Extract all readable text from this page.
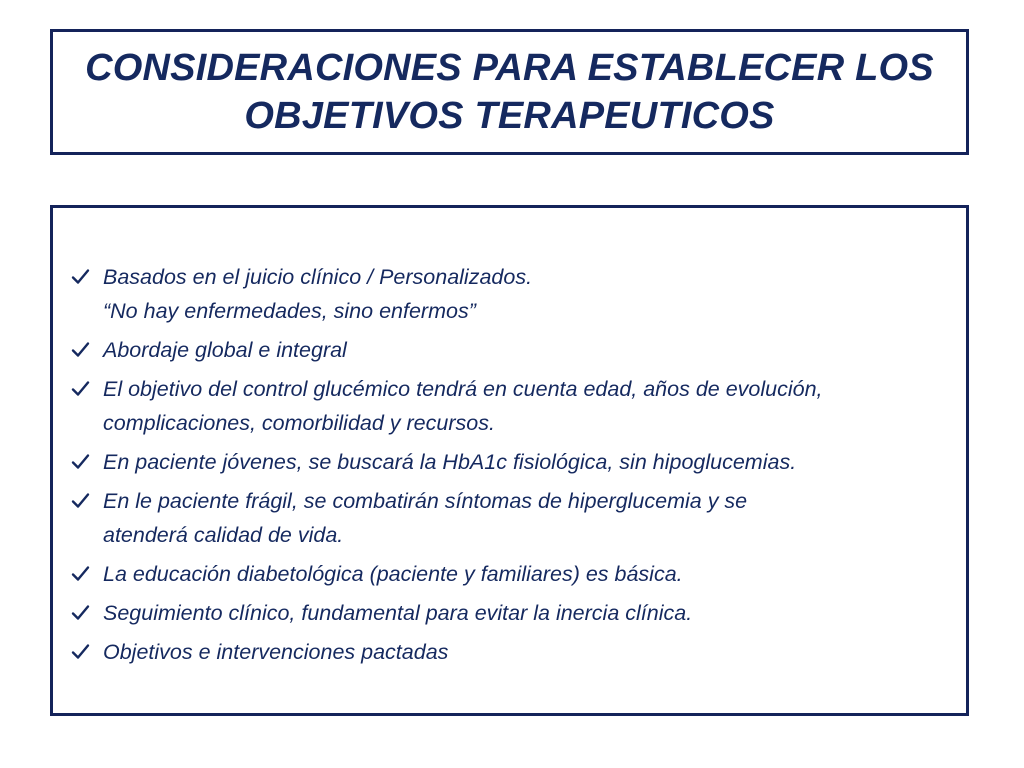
CONSIDERACIONES PARA ESTABLECER LOS
OBJETIVOS TERAPEUTICOS
Basados en el juicio clínico / Personalizados.
“No hay enfermedades, sino enfermos”
Abordaje global e integral
El objetivo del control glucémico tendrá en cuenta edad, años de evolución,
complicaciones, comorbilidad y recursos.
En paciente jóvenes, se buscará la HbA1c fisiológica, sin hipoglucemias.
En le paciente frágil, se combatirán síntomas de hiperglucemia y se
atenderá calidad de vida.
La educación diabetológica (paciente y familiares) es básica.
Seguimiento clínico, fundamental para evitar la inercia clínica.
Objetivos e intervenciones pactadas
